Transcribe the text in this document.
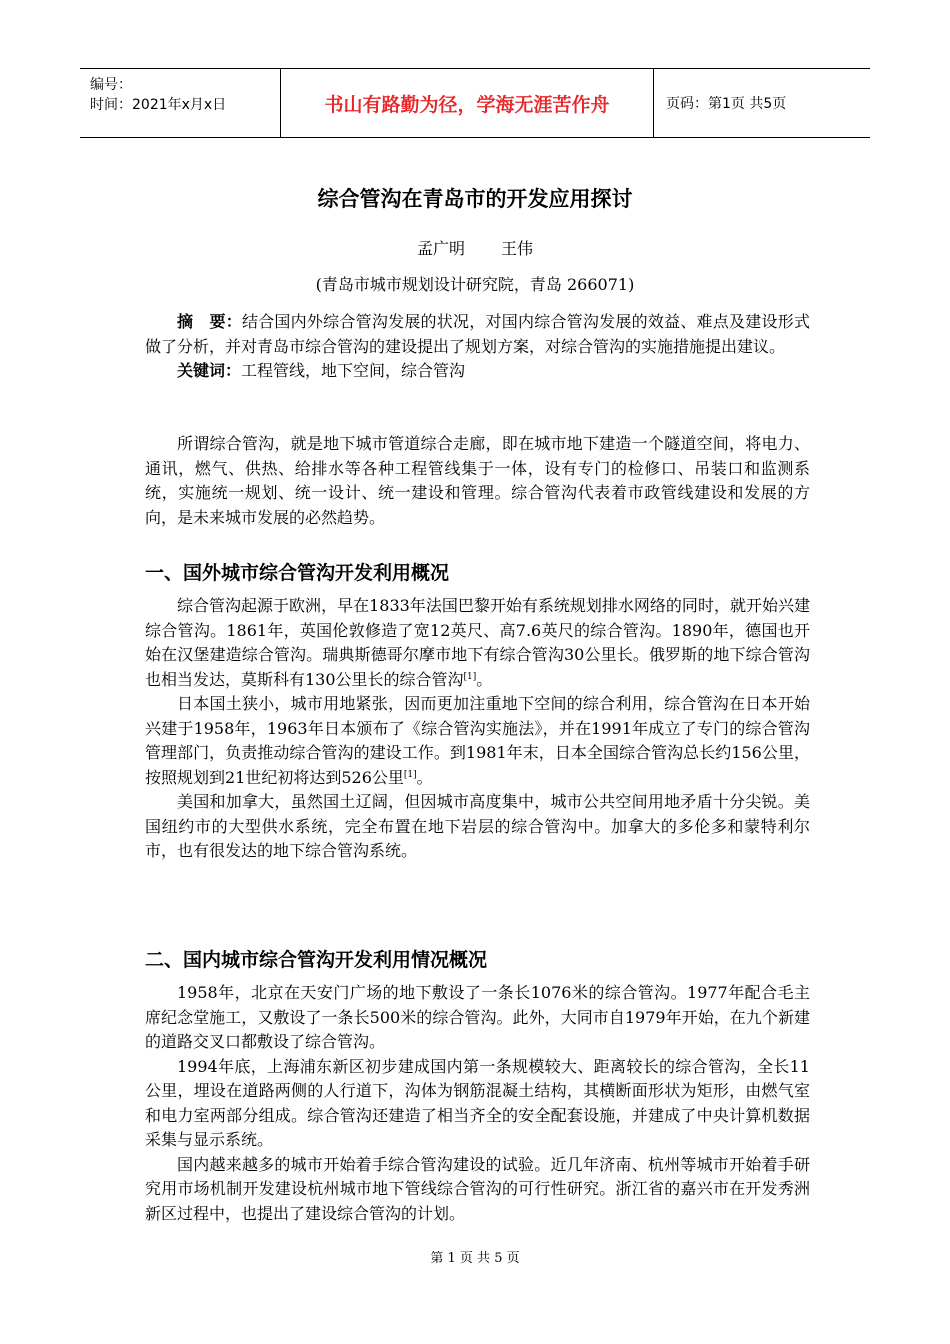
编号：
时间：2021年x月x日	书山有路勤为径，学海无涯苦作舟	页码：第1页 共5页
综合管沟在青岛市的开发应用探讨
孟广明 王伟
(青岛市城市规划设计研究院，青岛 266071)

摘　要：结合国内外综合管沟发展的状况，对国内综合管沟发展的效益、难点及建设形式做了分析，并对青岛市综合管沟的建设提出了规划方案，对综合管沟的实施措施提出建议。

关键词：工程管线，地下空间，综合管沟

所谓综合管沟，就是地下城市管道综合走廊，即在城市地下建造一个隧道空间，将电力、通讯，燃气、供热、给排水等各种工程管线集于一体，设有专门的检修口、吊装口和监测系统，实施统一规划、统一设计、统一建设和管理。综合管沟代表着市政管线建设和发展的方向，是未来城市发展的必然趋势。

一、国外城市综合管沟开发利用概况

综合管沟起源于欧洲，早在1833年法国巴黎开始有系统规划排水网络的同时，就开始兴建综合管沟。1861年，英国伦敦修造了宽12英尺、高7.6英尺的综合管沟。1890年，德国也开始在汉堡建造综合管沟。瑞典斯德哥尔摩市地下有综合管沟30公里长。俄罗斯的地下综合管沟也相当发达，莫斯科有130公里长的综合管沟[1]。

日本国土狭小，城市用地紧张，因而更加注重地下空间的综合利用，综合管沟在日本开始兴建于1958年，1963年日本颁布了《综合管沟实施法》，并在1991年成立了专门的综合管沟管理部门，负责推动综合管沟的建设工作。到1981年末，日本全国综合管沟总长约156公里，按照规划到21世纪初将达到526公里[1]。

美国和加拿大，虽然国土辽阔，但因城市高度集中，城市公共空间用地矛盾十分尖锐。美国纽约市的大型供水系统，完全布置在地下岩层的综合管沟中。加拿大的多伦多和蒙特利尔市，也有很发达的地下综合管沟系统。

二、国内城市综合管沟开发利用情况概况

1958年，北京在天安门广场的地下敷设了一条长1076米的综合管沟。1977年配合毛主席纪念堂施工，又敷设了一条长500米的综合管沟。此外，大同市自1979年开始，在九个新建的道路交叉口都敷设了综合管沟。

1994年底，上海浦东新区初步建成国内第一条规模较大、距离较长的综合管沟，全长11公里，埋设在道路两侧的人行道下，沟体为钢筋混凝土结构，其横断面形状为矩形，由燃气室和电力室两部分组成。综合管沟还建造了相当齐全的安全配套设施，并建成了中央计算机数据采集与显示系统。

国内越来越多的城市开始着手综合管沟建设的试验。近几年济南、杭州等城市开始着手研究用市场机制开发建设杭州城市地下管线综合管沟的可行性研究。浙江省的嘉兴市在开发秀洲新区过程中，也提出了建设综合管沟的计划。

第 1 页 共 5 页
